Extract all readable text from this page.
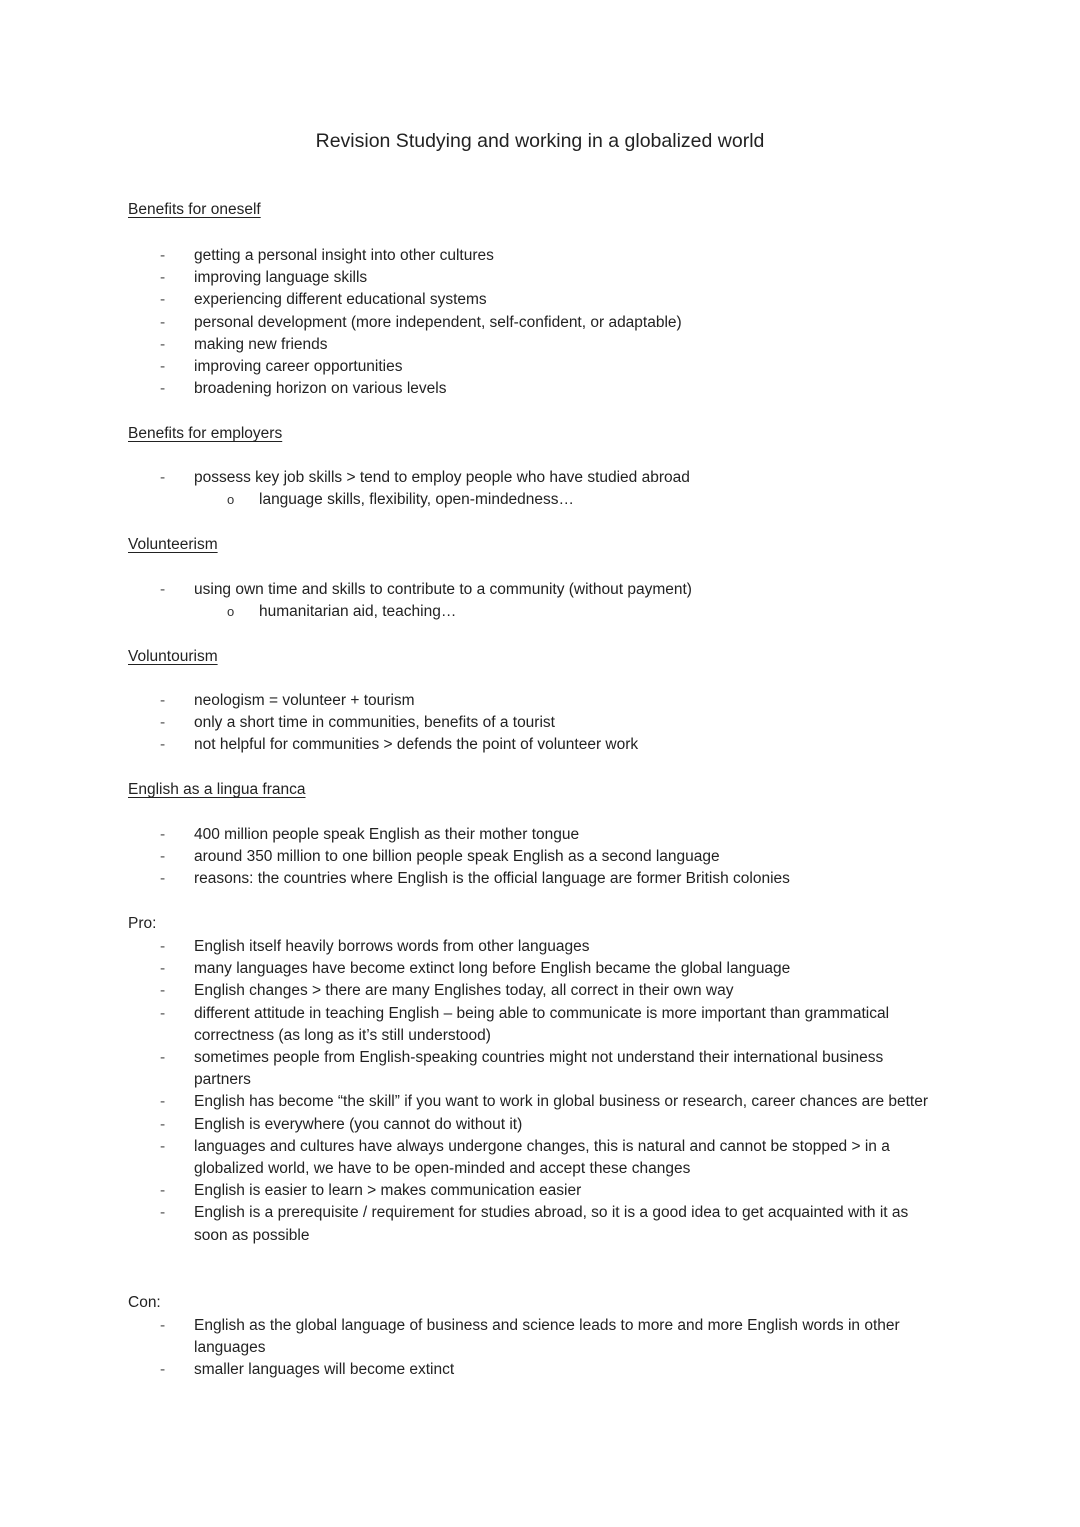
Revision Studying and working in a globalized world
Benefits for oneself
- getting a personal insight into other cultures
- improving language skills
- experiencing different educational systems
- personal development (more independent, self-confident, or adaptable)
- making new friends
- improving career opportunities
- broadening horizon on various levels
Benefits for employers
- possess key job skills > tend to employ people who have studied abroad
o language skills, flexibility, open-mindedness…
Volunteerism
- using own time and skills to contribute to a community (without payment)
o humanitarian aid, teaching…
Voluntourism
- neologism = volunteer + tourism
- only a short time in communities, benefits of a tourist
- not helpful for communities > defends the point of volunteer work
English as a lingua franca
- 400 million people speak English as their mother tongue
- around 350 million to one billion people speak English as a second language
- reasons: the countries where English is the official language are former British colonies
Pro:
- English itself heavily borrows words from other languages
- many languages have become extinct long before English became the global language
- English changes > there are many Englishes today, all correct in their own way
- different attitude in teaching English – being able to communicate is more important than grammatical correctness (as long as it’s still understood)
- sometimes people from English-speaking countries might not understand their international business partners
- English has become “the skill” if you want to work in global business or research, career chances are better
- English is everywhere (you cannot do without it)
- languages and cultures have always undergone changes, this is natural and cannot be stopped > in a globalized world, we have to be open-minded and accept these changes
- English is easier to learn > makes communication easier
- English is a prerequisite / requirement for studies abroad, so it is a good idea to get acquainted with it as soon as possible
Con:
- English as the global language of business and science leads to more and more English words in other languages
- smaller languages will become extinct
